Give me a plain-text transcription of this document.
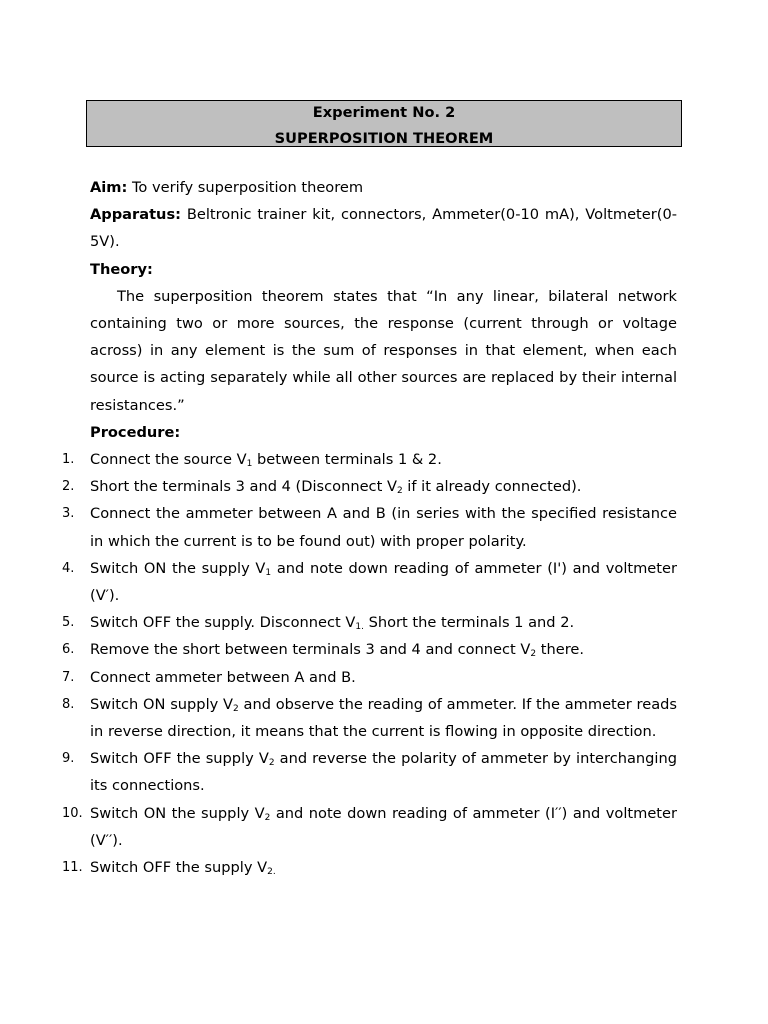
Experiment No. 2
SUPERPOSITION THEOREM

Aim: To verify superposition theorem

Apparatus: Beltronic trainer kit, connectors, Ammeter(0-10 mA), Voltmeter(0-5V).

Theory:

The superposition theorem states that “In any linear, bilateral network containing two or more sources, the response (current through or voltage across) in any element is the sum of responses in that element, when each source is acting separately while all other sources are replaced by their internal resistances.”

Procedure:

1.	Connect the source $V_1$ between terminals 1 & 2.
2.	Short the terminals 3 and 4 (Disconnect $V_2$ if it already connected).
3.	Connect the ammeter between A and B (in series with the specified resistance in which the current is to be found out) with proper polarity.
4.	Switch ON the supply $V_1$ and note down reading of ammeter (I') and voltmeter (V′).
5.	Switch OFF the supply. Disconnect $V_{1.}$ Short the terminals 1 and 2.
6.	Remove the short between terminals 3 and 4 and connect $V_2$ there.
7.	Connect ammeter between A and B.
8.	Switch ON supply $V_2$ and observe the reading of ammeter. If the ammeter reads in reverse direction, it means that the current is flowing in opposite direction.
9.	Switch OFF the supply $V_2$ and reverse the polarity of ammeter by interchanging its connections.
10. Switch ON the supply $V_2$ and note down reading of ammeter (I′′) and voltmeter (V′′).
11. Switch OFF the supply $V_{2.}$
